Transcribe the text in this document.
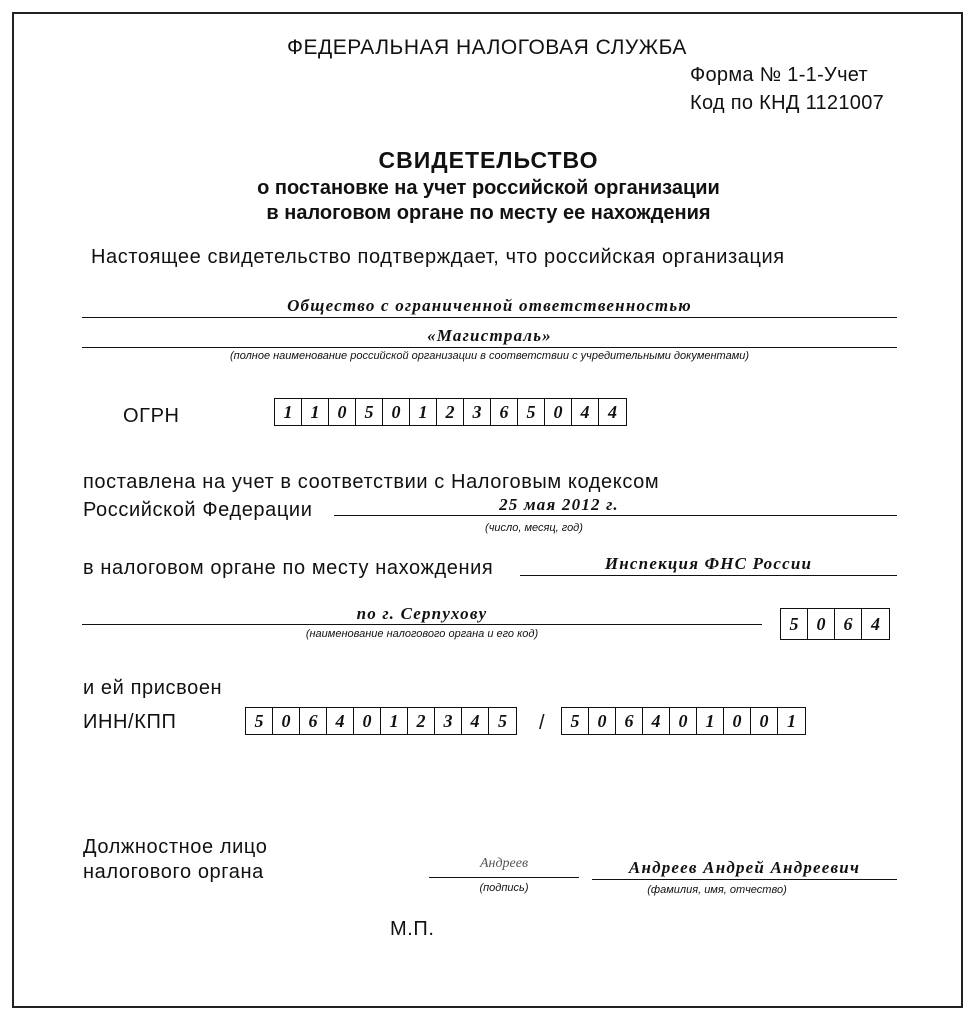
ФЕДЕРАЛЬНАЯ НАЛОГОВАЯ СЛУЖБА
Форма № 1-1-Учет
Код по КНД 1121007
СВИДЕТЕЛЬСТВО
о постановке на учет российской организации
в налоговом органе по месту ее нахождения
Настоящее свидетельство подтверждает, что российская организация
Общество с ограниченной ответственностью
«Магистраль»
(полное наименование российской организации в соответствии с учредительными документами)
ОГРН	1	1	0	5	0	1	2	3	6	5	0	4	4
поставлена на учет в соответствии с Налоговым кодексом
Российской Федерации	25 мая 2012 г.
(число, месяц, год)
в налоговом органе по месту нахождения	Инспекция ФНС России
по г. Серпухову
(наименование налогового органа и его код)
5	0	6	4
и ей присвоен
ИНН/КПП	5	0	6	4	0	1	2	3	4	5	/	5	0	6	4	0	1	0	0	1
Должностное лицо
налогового органа	Андреев
(подпись)
Андреев Андрей Андреевич
(фамилия, имя, отчество)
М.П.
